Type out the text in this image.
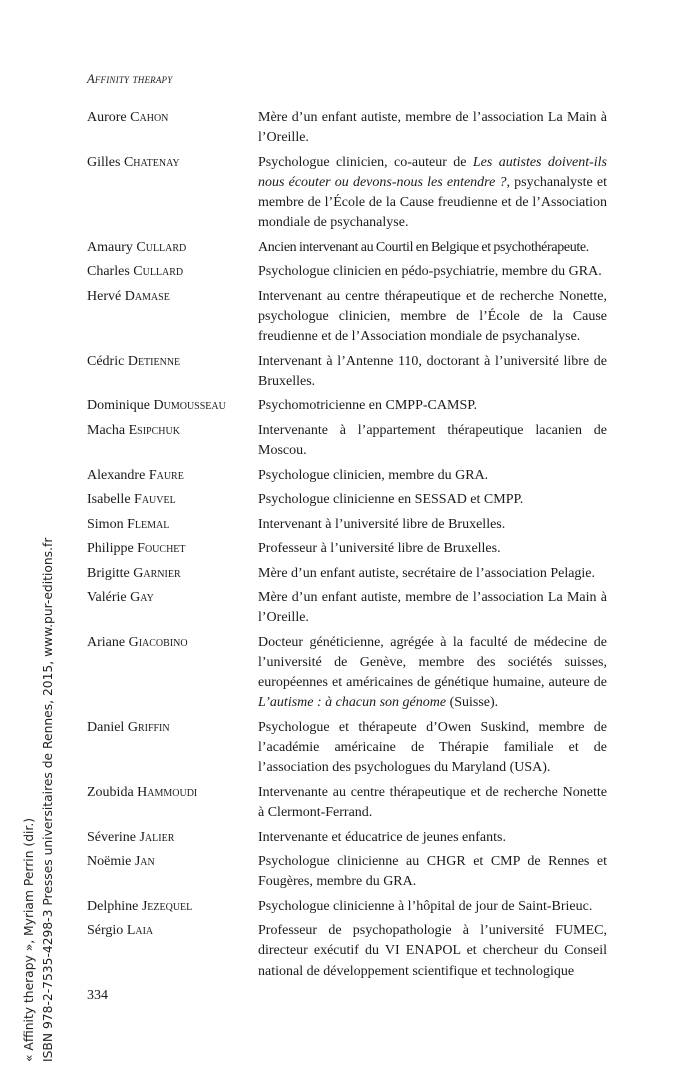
Affinity therapy
Aurore Cahon	Mère d’un enfant autiste, membre de l’association La Main à l’Oreille.
Gilles Chatenay	Psychologue clinicien, co-auteur de Les autistes doivent-ils nous écouter ou devons-nous les entendre ?, psychanalyste et membre de l’École de la Cause freudienne et de l’Association mondiale de psychanalyse.
Amaury Cullard	Ancien intervenant au Courtil en Belgique et psychothérapeute.
Charles Cullard	Psychologue clinicien en pédo-psychiatrie, membre du GRA.
Hervé Damase	Intervenant au centre thérapeutique et de recherche Nonette, psychologue clinicien, membre de l’École de la Cause freudienne et de l’Association mondiale de psychanalyse.
Cédric Detienne	Intervenant à l’Antenne 110, doctorant à l’université libre de Bruxelles.
Dominique Dumousseau	Psychomotricienne en CMPP-CAMSP.
Macha Esipchuk	Intervenante à l’appartement thérapeutique lacanien de Moscou.
Alexandre Faure	Psychologue clinicien, membre du GRA.
Isabelle Fauvel	Psychologue clinicienne en SESSAD et CMPP.
Simon Flemal	Intervenant à l’université libre de Bruxelles.
Philippe Fouchet	Professeur à l’université libre de Bruxelles.
Brigitte Garnier	Mère d’un enfant autiste, secrétaire de l’association Pelagie.
Valérie Gay	Mère d’un enfant autiste, membre de l’association La Main à l’Oreille.
Ariane Giacobino	Docteur généticienne, agrégée à la faculté de médecine de l’université de Genève, membre des sociétés suisses, européennes et américaines de génétique humaine, auteure de L’autisme : à chacun son génome (Suisse).
Daniel Griffin	Psychologue et thérapeute d’Owen Suskind, membre de l’académie américaine de Thérapie familiale et de l’association des psychologues du Maryland (USA).
Zoubida Hammoudi	Intervenante au centre thérapeutique et de recherche Nonette à Clermont-Ferrand.
Séverine Jalier	Intervenante et éducatrice de jeunes enfants.
Noëmie Jan	Psychologue clinicienne au CHGR et CMP de Rennes et Fougères, membre du GRA.
Delphine Jezequel	Psychologue clinicienne à l’hôpital de jour de Saint-Brieuc.
Sérgio Laia	Professeur de psychopathologie à l’université FUMEC, directeur exécutif du VI ENAPOL et chercheur du Conseil national de développement scientifique et technologique
334
« Affinity therapy », Myriam Perrin (dir.) ISBN 978-2-7535-4298-3 Presses universitaires de Rennes, 2015, www.pur-editions.fr
